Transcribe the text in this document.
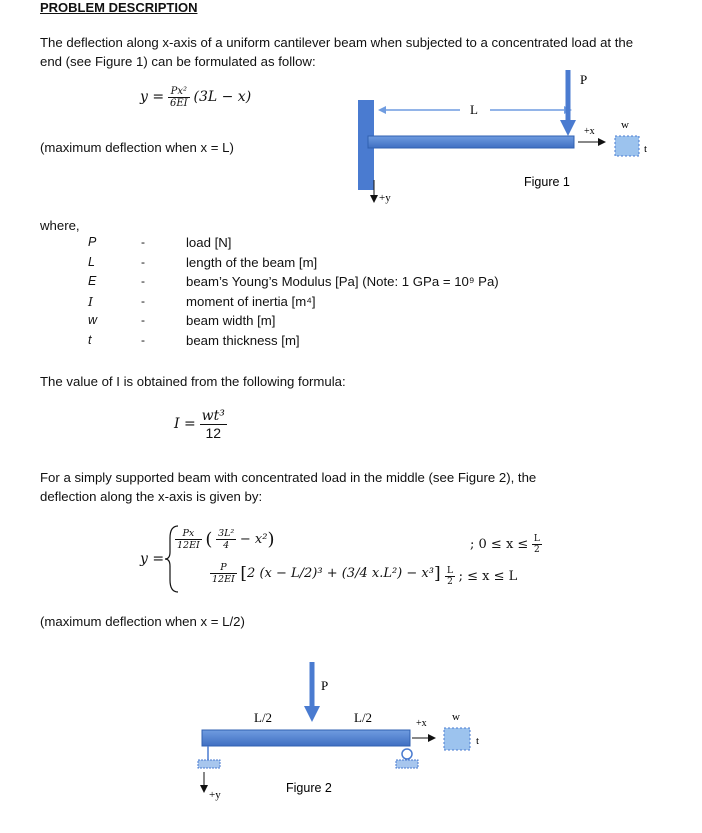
PROBLEM DESCRIPTION
The deflection along x-axis of a uniform cantilever beam when subjected to a concentrated load at the
end (see Figure 1) can be formulated as follow:
$y = \frac{\text{Px²}}{6EI} (3L - x)$
(maximum deflection when x = L)
L
P
+x
w
t
+y
Figure 1
where,
P	-	load [N]
L	-	length of the beam [m]
E	-	beam’s Young’s Modulus [Pa] (Note: 1 GPa = 10⁹ Pa)
I	-	moment of inertia [m⁴]
w	-	beam width [m]
t	-	beam thickness [m]
The value of I is obtained from the following formula:
$I = \frac{\text{wt³}}{12}$
For a simply supported beam with concentrated load in the middle (see Figure 2), the
deflection along the x-axis is given by:
y =
$\frac{Px}{12EI}$ ( $\frac{\text{3L²}}{4} - x^2$)	; $0 \le x \le \frac{L}{2}$
$\frac{P}{12EI} [2$ (x − L/2)³ + (3/4 $x.L^2) - x^3] \frac{L}{2}$ ; ≤ x ≤ L
(maximum deflection when x = L/2)
P
L/2	L/2	+x
w
t
+y	Figure 2
